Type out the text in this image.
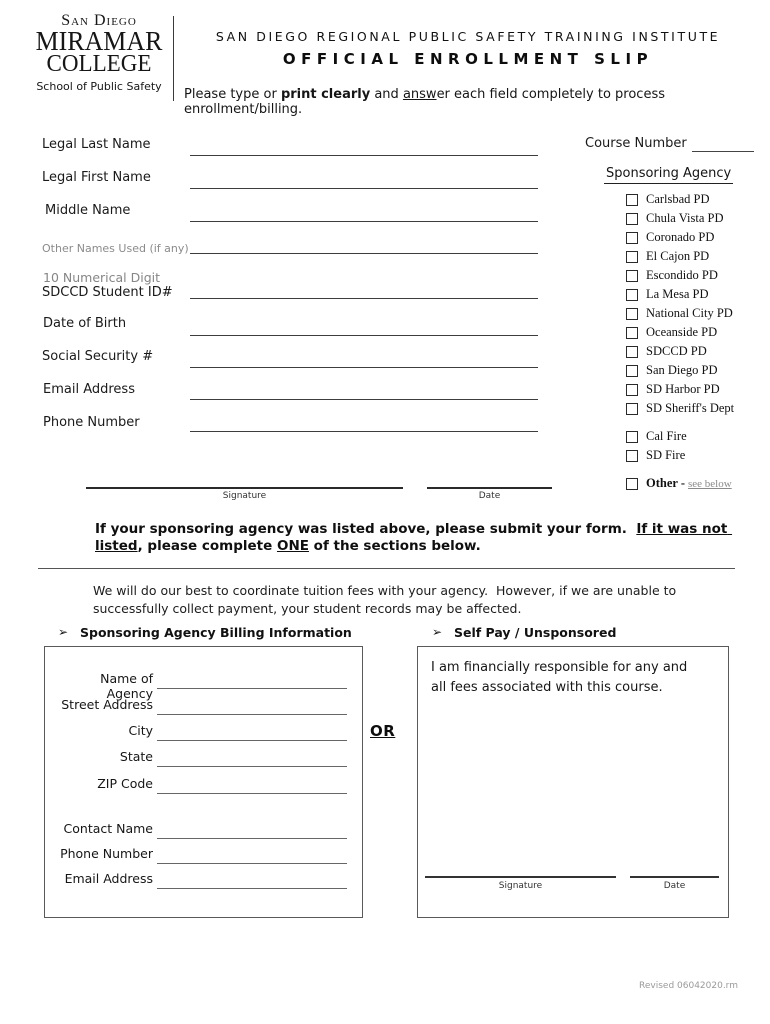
San Diego
MIRAMAR
COLLEGE
School of Public Safety
SAN DIEGO REGIONAL PUBLIC SAFETY TRAINING INSTITUTE
OFFICIAL ENROLLMENT SLIP
Please type or print clearly and answer each field completely to process enrollment/billing.
Legal Last Name
Legal First Name
Middle Name
Other Names Used (if any)
10 Numerical Digit
SDCCD Student ID#
Date of Birth
Social Security #
Email Address
Phone Number
Signature	Date
Course Number
Sponsoring Agency
Carlsbad PD
Chula Vista PD
Coronado PD
El Cajon PD
Escondido PD
La Mesa PD
National City PD
Oceanside PD
SDCCD PD
San Diego PD
SD Harbor PD
SD Sheriff's Dept
Cal Fire
SD Fire
Other - see below
If your sponsoring agency was listed above, please submit your form.  If it was not listed, please complete ONE of the sections below.
We will do our best to coordinate tuition fees with your agency.  However, if we are unable to successfully collect payment, your student records may be affected.
➢ Sponsoring Agency Billing Information
Name of Agency
Street Address
City
State
ZIP Code
Contact Name
Phone Number
Email Address
OR
➢ Self Pay / Unsponsored
I am financially responsible for any and all fees associated with this course.
Signature	Date
Revised 06042020.rm
